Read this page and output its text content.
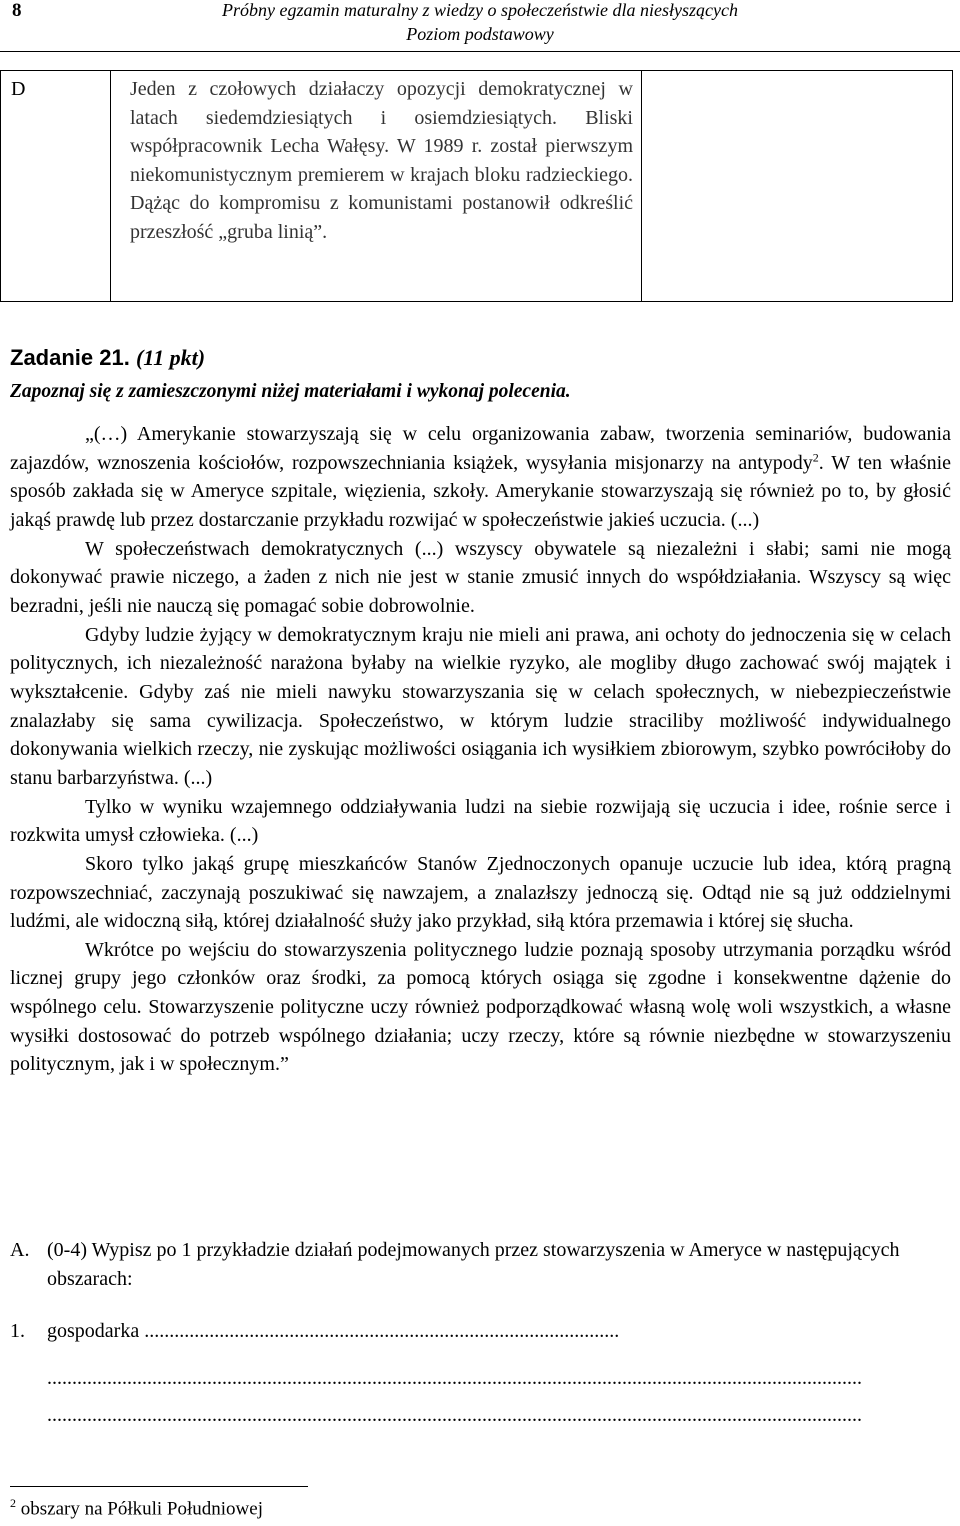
8	Próbny egzamin maturalny z wiedzy o społeczeństwie dla niesłyszących
Poziom podstawowy
D	Jeden z czołowych działaczy opozycji demokratycznej w latach siedemdziesiątych i osiemdziesiątych. Bliski współpracownik Lecha Wałęsy. W 1989 r. został pierwszym niekomunistycznym premierem w krajach bloku radzieckiego. Dążąc do kompromisu z komunistami postanowił odkreślić przeszłość „gruba linią”.
Zadanie 21. (11 pkt)
Zapoznaj się z zamieszczonymi niżej materiałami i wykonaj polecenia.

„(…) Amerykanie stowarzyszają się w celu organizowania zabaw, tworzenia seminariów, budowania zajazdów, wznoszenia kościołów, rozpowszechniania książek, wysyłania misjonarzy na antypody$^2$. W ten właśnie sposób zakłada się w Ameryce szpitale, więzienia, szkoły. Amerykanie stowarzyszają się również po to, by głosić jakąś prawdę lub przez dostarczanie przykładu rozwijać w społeczeństwie jakieś uczucia. (...)

W społeczeństwach demokratycznych (...) wszyscy obywatele są niezależni i słabi; sami nie mogą dokonywać prawie niczego, a żaden z nich nie jest w stanie zmusić innych do współdziałania. Wszyscy są więc bezradni, jeśli nie nauczą się pomagać sobie dobrowolnie.

Gdyby ludzie żyjący w demokratycznym kraju nie mieli ani prawa, ani ochoty do jednoczenia się w celach politycznych, ich niezależność narażona byłaby na wielkie ryzyko, ale mogliby długo zachować swój majątek i wykształcenie. Gdyby zaś nie mieli nawyku stowarzyszania się w celach społecznych, w niebezpieczeństwie znalazłaby się sama cywilizacja. Społeczeństwo, w którym ludzie straciliby możliwość indywidualnego dokonywania wielkich rzeczy, nie zyskując możliwości osiągania ich wysiłkiem zbiorowym, szybko powróciłoby do stanu barbarzyństwa. (...)

Tylko w wyniku wzajemnego oddziaływania ludzi na siebie rozwijają się uczucia i idee, rośnie serce i rozkwita umysł człowieka. (...)

Skoro tylko jakąś grupę mieszkańców Stanów Zjednoczonych opanuje uczucie lub idea, którą pragną rozpowszechniać, zaczynają poszukiwać się nawzajem, a znalazłszy jednoczą się. Odtąd nie są już oddzielnymi ludźmi, ale widoczną siłą, której działalność służy jako przykład, siłą która przemawia i której się słucha.

Wkrótce po wejściu do stowarzyszenia politycznego ludzie poznają sposoby utrzymania porządku wśród licznej grupy jego członków oraz środki, za pomocą których osiąga się zgodne i konsekwentne dążenie do wspólnego celu. Stowarzyszenie polityczne uczy również podporządkować własną wolę woli wszystkich, a własne wysiłki dostosować do potrzeb wspólnego działania; uczy rzeczy, które są równie niezbędne w stowarzyszeniu politycznym, jak i w społecznym.”

A. (0-4) Wypisz po 1 przykładzie działań podejmowanych przez stowarzyszenia w Ameryce w następujących obszarach:
1. gospodarka ...............................................................................................
...................................................................................................................................................................
...................................................................................................................................................................
$^2$ obszary na Półkuli Południowej
